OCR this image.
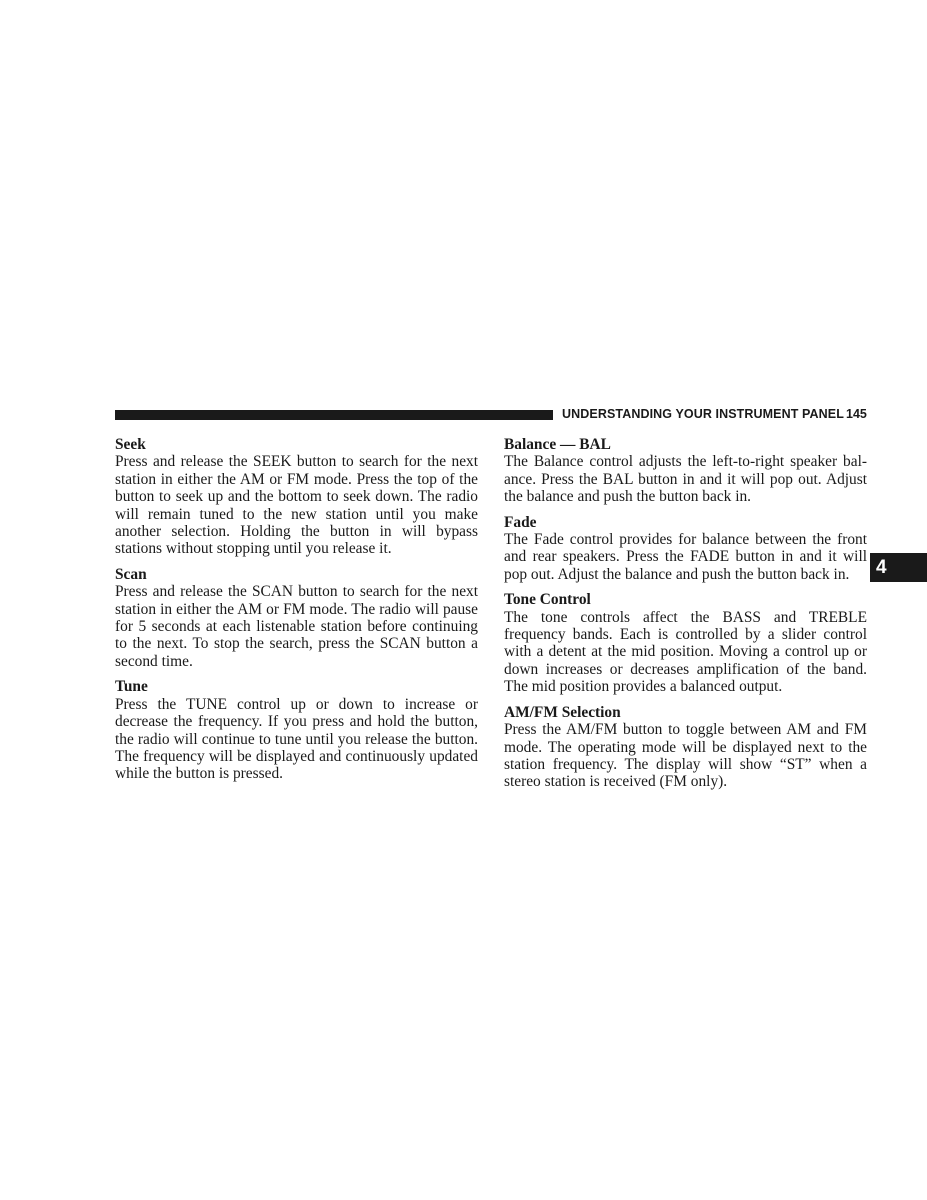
UNDERSTANDING YOUR INSTRUMENT PANEL 145
4
Seek

Press and release the SEEK button to search for the next station in either the AM or FM mode. Press the top of the button to seek up and the bottom to seek down. The radio will remain tuned to the new station until you make another selection. Holding the button in will bypass stations without stopping until you release it.

Scan

Press and release the SCAN button to search for the next station in either the AM or FM mode. The radio will pause for 5 seconds at each listenable station before continuing to the next. To stop the search, press the SCAN button a second time.

Tune

Press the TUNE control up or down to increase or decrease the frequency. If you press and hold the button, the radio will continue to tune until you release the button. The frequency will be displayed and continuously updated while the button is pressed.

Balance — BAL

The Balance control adjusts the left-to-right speaker balance. Press the BAL button in and it will pop out. Adjust the balance and push the button back in.

Fade

The Fade control provides for balance between the front and rear speakers. Press the FADE button in and it will pop out. Adjust the balance and push the button back in.

Tone Control

The tone controls affect the BASS and TREBLE frequency bands. Each is controlled by a slider control with a detent at the mid position. Moving a control up or down increases or decreases amplification of the band. The mid position provides a balanced output.

AM/FM Selection

Press the AM/FM button to toggle between AM and FM mode. The operating mode will be displayed next to the station frequency. The display will show “ST” when a stereo station is received (FM only).
